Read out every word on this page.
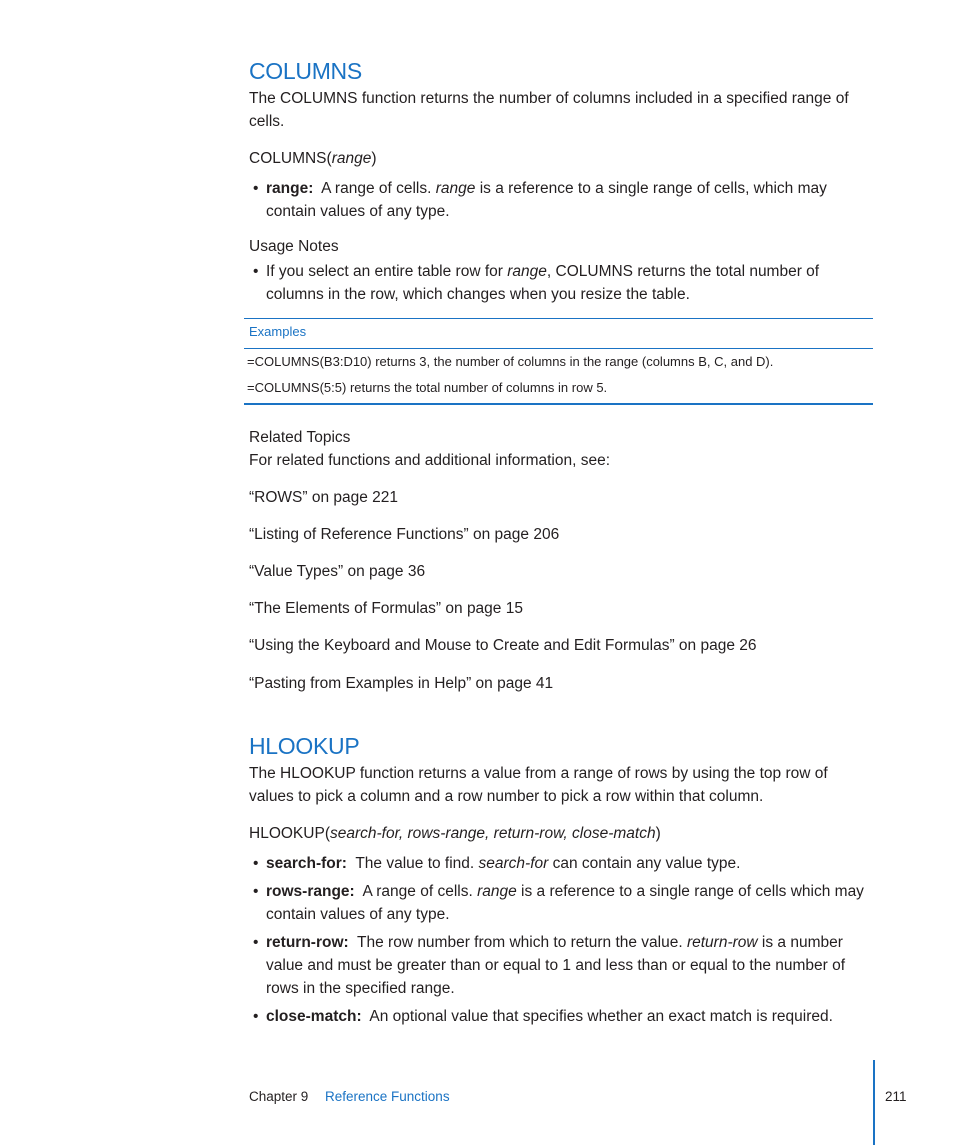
COLUMNS

The COLUMNS function returns the number of columns included in a specified range of cells.

COLUMNS(range)
• range: A range of cells. range is a reference to a single range of cells, which may contain values of any type.
Usage Notes
• If you select an entire table row for range, COLUMNS returns the total number of columns in the row, which changes when you resize the table.
Examples
=COLUMNS(B3:D10) returns 3, the number of columns in the range (columns B, C, and D).
=COLUMNS(5:5) returns the total number of columns in row 5.
Related Topics
For related functions and additional information, see:
“ROWS” on page 221
“Listing of Reference Functions” on page 206
“Value Types” on page 36
“The Elements of Formulas” on page 15
“Using the Keyboard and Mouse to Create and Edit Formulas” on page 26
“Pasting from Examples in Help” on page 41
HLOOKUP

The HLOOKUP function returns a value from a range of rows by using the top row of values to pick a column and a row number to pick a row within that column.

HLOOKUP(search-for, rows-range, return-row, close-match)
• search-for: The value to find. search-for can contain any value type.
• rows-range: A range of cells. range is a reference to a single range of cells which may contain values of any type.
• return-row: The row number from which to return the value. return-row is a number value and must be greater than or equal to 1 and less than or equal to the number of rows in the specified range.
• close-match: An optional value that specifies whether an exact match is required.
Chapter 9 Reference Functions	211
